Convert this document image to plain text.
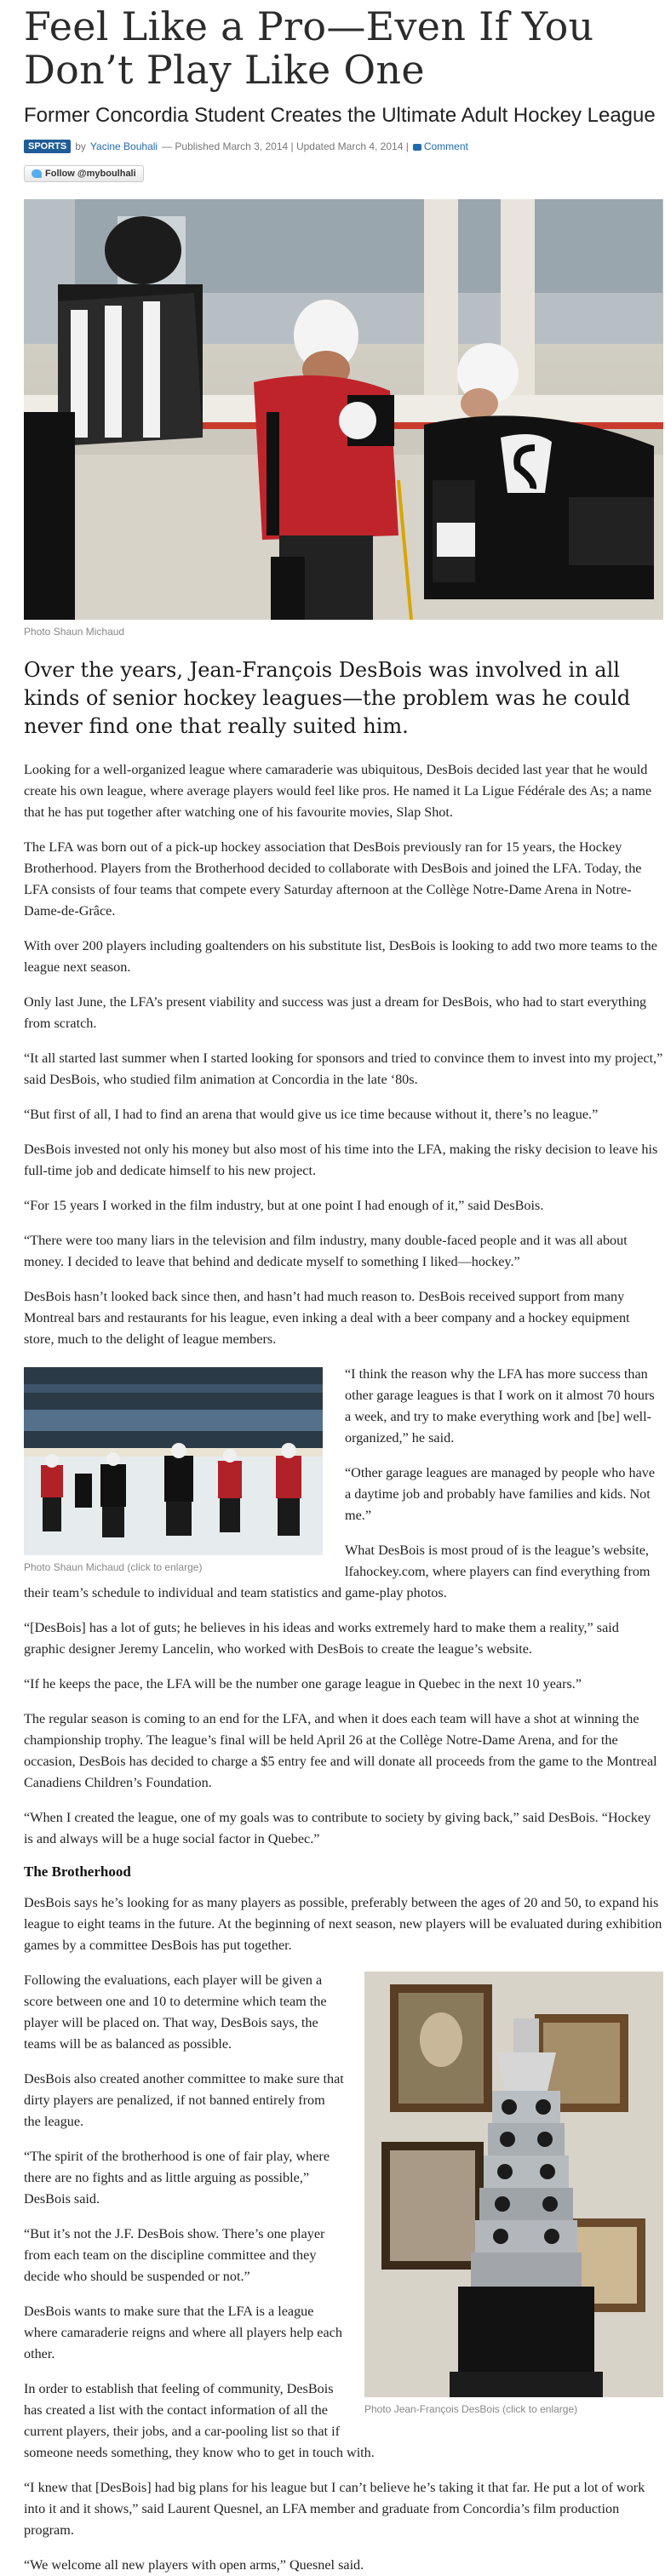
Feel Like a Pro—Even If You Don’t Play Like One
Former Concordia Student Creates the Ultimate Adult Hockey League
SPORTS by Yacine Bouhali — Published March 3, 2014 | Updated March 4, 2014 |	Comment
Follow @myboulhali
Photo Shaun Michaud

Over the years, Jean-François DesBois was involved in all kinds of senior hockey leagues—the problem was he could never find one that really suited him.

Looking for a well-organized league where camaraderie was ubiquitous, DesBois decided last year that he would create his own league, where average players would feel like pros. He named it La Ligue Fédérale des As; a name that he has put together after watching one of his favourite movies, Slap Shot.

The LFA was born out of a pick-up hockey association that DesBois previously ran for 15 years, the Hockey Brotherhood. Players from the Brotherhood decided to collaborate with DesBois and joined the LFA. Today, the LFA consists of four teams that compete every Saturday afternoon at the Collège Notre-Dame Arena in Notre-Dame-de-Grâce.

With over 200 players including goaltenders on his substitute list, DesBois is looking to add two more teams to the league next season.

Only last June, the LFA’s present viability and success was just a dream for DesBois, who had to start everything from scratch.

“It all started last summer when I started looking for sponsors and tried to convince them to invest into my project,” said DesBois, who studied film animation at Concordia in the late ‘80s.

“But first of all, I had to find an arena that would give us ice time because without it, there’s no league.”

DesBois invested not only his money but also most of his time into the LFA, making the risky decision to leave his full-time job and dedicate himself to his new project.

“For 15 years I worked in the film industry, but at one point I had enough of it,” said DesBois.

“There were too many liars in the television and film industry, many double-faced people and it was all about money. I decided to leave that behind and dedicate myself to something I liked—hockey.”

DesBois hasn’t looked back since then, and hasn’t had much reason to. DesBois received support from many Montreal bars and restaurants for his league, even inking a deal with a beer company and a hockey equipment store, much to the delight of league members.

Photo Shaun Michaud (click to enlarge)

“I think the reason why the LFA has more success than other garage leagues is that I work on it almost 70 hours a week, and try to make everything work and [be] well-organized,” he said.

“Other garage leagues are managed by people who have a daytime job and probably have families and kids. Not me.”

What DesBois is most proud of is the league’s website, lfahockey.com, where players can find everything from their team’s schedule to individual and team statistics and game-play photos.

“[DesBois] has a lot of guts; he believes in his ideas and works extremely hard to make them a reality,” said graphic designer Jeremy Lancelin, who worked with DesBois to create the league’s website.

“If he keeps the pace, the LFA will be the number one garage league in Quebec in the next 10 years.”

The regular season is coming to an end for the LFA, and when it does each team will have a shot at winning the championship trophy. The league’s final will be held April 26 at the Collège Notre-Dame Arena, and for the occasion, DesBois has decided to charge a $5 entry fee and will donate all proceeds from the game to the Montreal Canadiens Children’s Foundation.

“When I created the league, one of my goals was to contribute to society by giving back,” said DesBois. “Hockey is and always will be a huge social factor in Quebec.”

The Brotherhood

DesBois says he’s looking for as many players as possible, preferably between the ages of 20 and 50, to expand his league to eight teams in the future. At the beginning of next season, new players will be evaluated during exhibition games by a committee DesBois has put together.

Photo Jean-François DesBois (click to enlarge)

Following the evaluations, each player will be given a score between one and 10 to determine which team the player will be placed on. That way, DesBois says, the teams will be as balanced as possible.

DesBois also created another committee to make sure that dirty players are penalized, if not banned entirely from the league.

“The spirit of the brotherhood is one of fair play, where there are no fights and as little arguing as possible,” DesBois said.

“But it’s not the J.F. DesBois show. There’s one player from each team on the discipline committee and they decide who should be suspended or not.”

DesBois wants to make sure that the LFA is a league where camaraderie reigns and where all players help each other.

In order to establish that feeling of community, DesBois has created a list with the contact information of all the current players, their jobs, and a car-pooling list so that if someone needs something, they know who to get in touch with.

“I knew that [DesBois] had big plans for his league but I can’t believe he’s taking it that far. He put a lot of work into it and it shows,” said Laurent Quesnel, an LFA member and graduate from Concordia’s film production program.

“We welcome all new players with open arms,” Quesnel said.
